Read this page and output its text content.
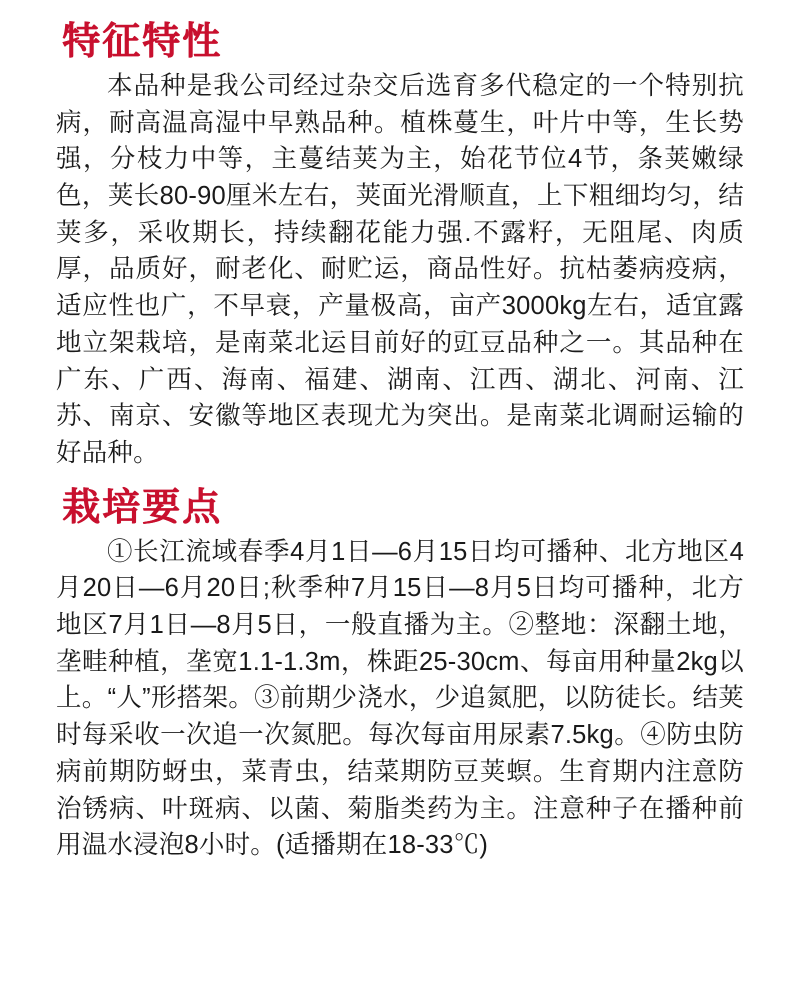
特征特性

本品种是我公司经过杂交后选育多代稳定的一个特别抗病，耐高温高湿中早熟品种。植株蔓生，叶片中等，生长势强，分枝力中等，主蔓结荚为主，始花节位4节，条荚嫩绿色，荚长80-90厘米左右，荚面光滑顺直，上下粗细均匀，结荚多，采收期长，持续翻花能力强.不露籽，无阻尾、肉质厚，品质好，耐老化、耐贮运，商品性好。抗枯萎病疫病，适应性也广，不早衰，产量极高，亩产3000kg左右，适宜露地立架栽培，是南菜北运目前好的豇豆品种之一。其品种在广东、广西、海南、福建、湖南、江西、湖北、河南、江苏、南京、安徽等地区表现尤为突出。是南菜北调耐运输的好品种。

栽培要点

①长江流域春季4月1日—6月15日均可播种、北方地区4月20日—6月20日;秋季种7月15日—8月5日均可播种，北方地区7月1日—8月5日，一般直播为主。②整地：深翻土地，垄畦种植，垄宽1.1-1.3m，株距25-30cm、每亩用种量2kg以上。“人”形搭架。③前期少浇水，少追氮肥，以防徒长。结荚时每采收一次追一次氮肥。每次每亩用尿素7.5kg。④防虫防病前期防蚜虫，菜青虫，结菜期防豆荚螟。生育期内注意防治锈病、叶斑病、以菌、菊脂类药为主。注意种子在播种前用温水浸泡8小时。(适播期在18-33℃)
